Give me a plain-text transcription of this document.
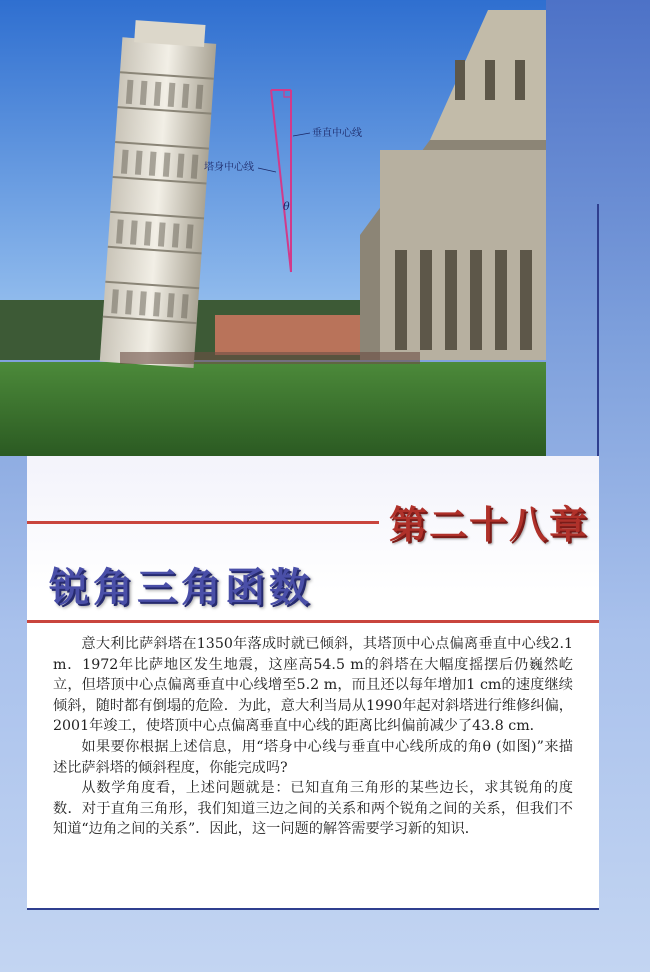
塔身中心线
垂直中心线
θ
第二十八章
锐角三角函数

意大利比萨斜塔在1350年落成时就已倾斜，其塔顶中心点偏离垂直中心线2.1 m．1972年比萨地区发生地震，这座高54.5 m的斜塔在大幅度摇摆后仍巍然屹立，但塔顶中心点偏离垂直中心线增至5.2 m，而且还以每年增加1 cm的速度继续倾斜，随时都有倒塌的危险．为此，意大利当局从1990年起对斜塔进行维修纠偏，2001年竣工，使塔顶中心点偏离垂直中心线的距离比纠偏前减少了43.8 cm．

如果要你根据上述信息，用“塔身中心线与垂直中心线所成的角θ (如图)”来描述比萨斜塔的倾斜程度，你能完成吗?

从数学角度看，上述问题就是：已知直角三角形的某些边长，求其锐角的度数．对于直角三角形，我们知道三边之间的关系和两个锐角之间的关系，但我们不知道“边角之间的关系”．因此，这一问题的解答需要学习新的知识．
